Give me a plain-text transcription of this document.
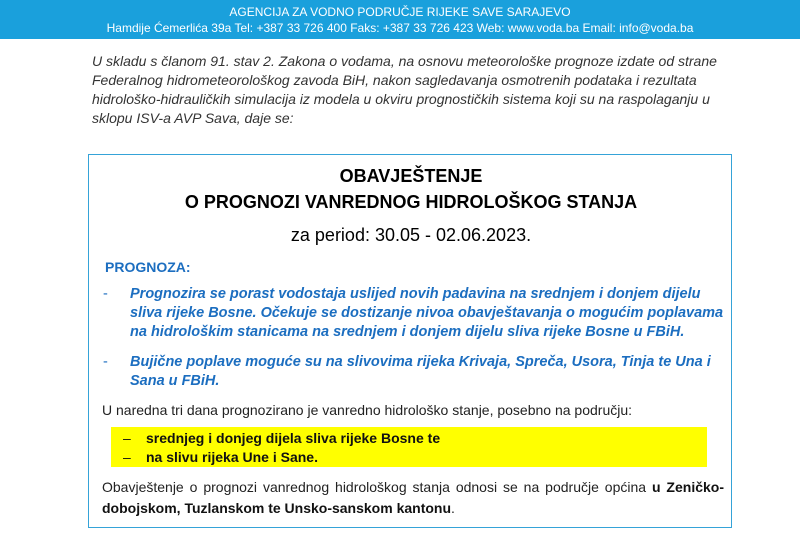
AGENCIJA ZA VODNO PODRUČJE RIJEKE SAVE SARAJEVO
Hamdije Ćemerlića 39a Tel: +387 33 726 400 Faks: +387 33 726 423 Web: www.voda.ba Email: info@voda.ba
U skladu s članom 91. stav 2. Zakona o vodama, na osnovu meteorološke prognoze izdate od strane Federalnog hidrometeorološkog zavoda BiH, nakon sagledavanja osmotrenih podataka i rezultata hidrološko-hidrauličkih simulacija iz modela u okviru prognostičkih sistema koji su na raspolaganju u sklopu ISV-a AVP Sava, daje se:
OBAVJEŠTENJE
O PROGNOZI VANREDNOG HIDROLOŠKOG STANJA
za period: 30.05 - 02.06.2023.
PROGNOZA:
-	Prognozira se porast vodostaja uslijed novih padavina na srednjem i donjem dijelu sliva rijeke Bosne. Očekuje se dostizanje nivoa obavještavanja o mogućim poplavama na hidrološkim stanicama na srednjem i donjem dijelu sliva rijeke Bosne u FBiH.
-	Bujične poplave moguće su na slivovima rijeka Krivaja, Spreča, Usora, Tinja te Una i Sana u FBiH.
U naredna tri dana prognozirano je vanredno hidrološko stanje, posebno na području:
– srednjeg i donjeg dijela sliva rijeke Bosne te
– na slivu rijeka Une i Sane.
Obavještenje o prognozi vanrednog hidrološkog stanja odnosi se na područje općina u Zeničko-dobojskom, Tuzlanskom te Unsko-sanskom kantonu.
